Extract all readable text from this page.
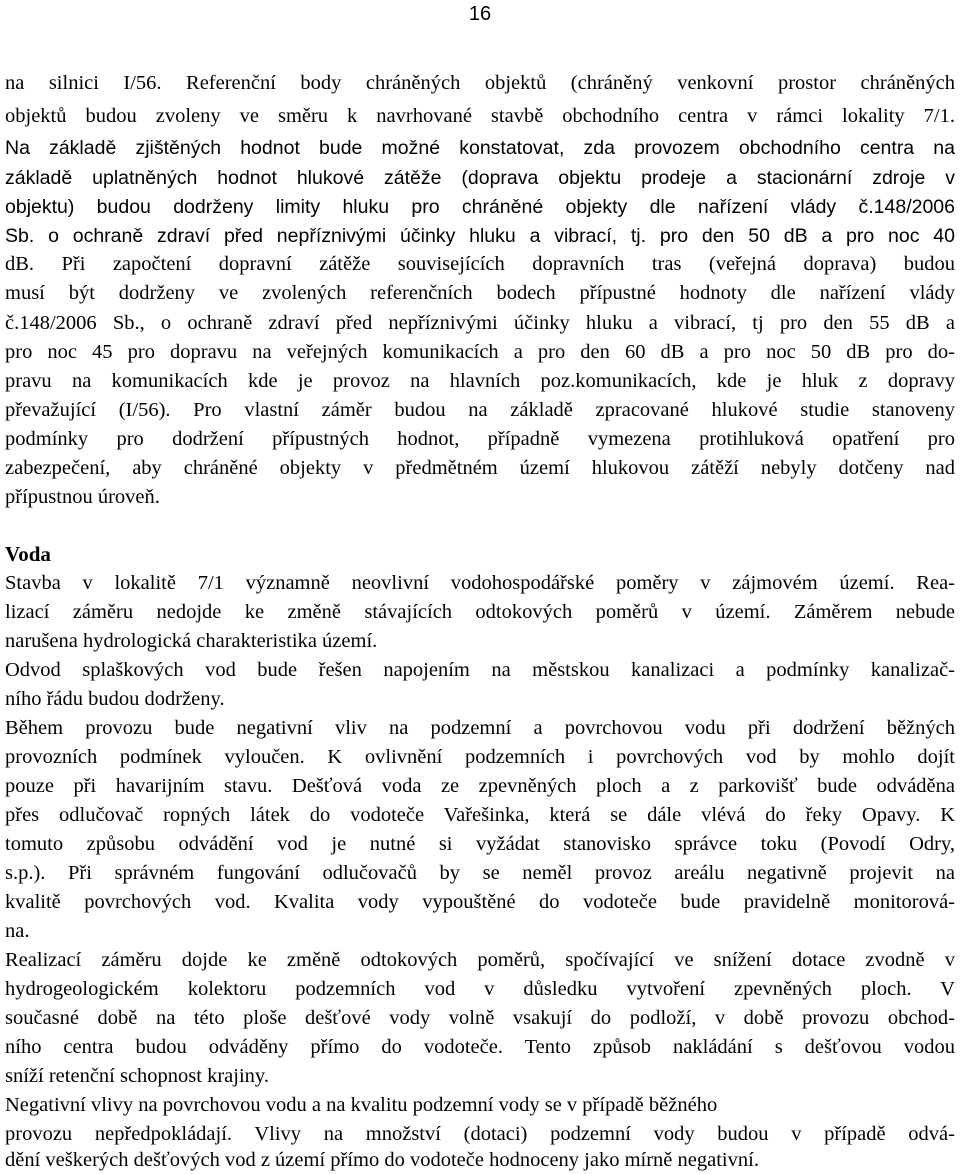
16
na silnici I/56. Referenční body chráněných objektů (chráněný venkovní prostor chráněných
objektů budou zvoleny ve směru k navrhované stavbě obchodního centra v rámci lokality 7/1.
Na základě zjištěných hodnot bude možné konstatovat, zda provozem obchodního centra na
základě uplatněných hodnot hlukové zátěže (doprava objektu prodeje a stacionární zdroje v
objektu) budou dodrženy limity hluku pro chráněné objekty dle nařízení vlády č.148/2006
Sb. o ochraně zdraví před nepříznivými účinky hluku a vibrací, tj. pro den 50 dB a pro noc 40
dB. Při započtení dopravní zátěže souvisejících dopravních tras (veřejná doprava) budou
musí být dodrženy ve zvolených referenčních bodech přípustné hodnoty dle nařízení vlády
č.148/2006 Sb., o ochraně zdraví před nepříznivými účinky hluku a vibrací, tj pro den 55 dB a
pro noc 45 pro dopravu na veřejných komunikacích a pro den 60 dB a pro noc 50 dB pro do-
pravu na komunikacích kde je provoz na hlavních poz.komunikacích, kde je hluk z dopravy
převažující (I/56). Pro vlastní záměr budou na základě zpracované hlukové studie stanoveny
podmínky pro dodržení přípustných hodnot, případně vymezena protihluková opatření pro
zabezpečení, aby chráněné objekty v předmětném území hlukovou zátěží nebyly dotčeny nad
přípustnou úroveň.
Voda
Stavba v lokalitě 7/1 významně neovlivní vodohospodářské poměry v zájmovém území. Rea-
lizací záměru nedojde ke změně stávajících odtokových poměrů v území. Záměrem nebude
narušena hydrologická charakteristika území.
Odvod splaškových vod bude řešen napojením na městskou kanalizaci a podmínky kanalizač-
ního řádu budou dodrženy.
Během provozu bude negativní vliv na podzemní a povrchovou vodu při dodržení běžných
provozních podmínek vyloučen. K ovlivnění podzemních i povrchových vod by mohlo dojít
pouze při havarijním stavu. Dešťová voda ze zpevněných ploch a z parkovišť bude odváděna
přes odlučovač ropných látek do vodoteče Vařešinka, která se dále vlévá do řeky Opavy. K
tomuto způsobu odvádění vod je nutné si vyžádat stanovisko správce toku (Povodí Odry,
s.p.). Při správném fungování odlučovačů by se neměl provoz areálu negativně projevit na
kvalitě povrchových vod. Kvalita vody vypouštěné do vodoteče bude pravidelně monitorová-
na.
Realizací záměru dojde ke změně odtokových poměrů, spočívající ve snížení dotace zvodně v
hydrogeologickém kolektoru podzemních vod v důsledku vytvoření zpevněných ploch. V
současné době na této ploše dešťové vody volně vsakují do podloží, v době provozu obchod-
ního centra budou odváděny přímo do vodoteče. Tento způsob nakládání s dešťovou vodou
sníží retenční schopnost krajiny.
Negativní vlivy na povrchovou vodu a na kvalitu podzemní vody se v případě běžného
provozu nepředpokládají. Vlivy na množství (dotaci) podzemní vody budou v případě odvá-
dění veškerých dešťových vod z území přímo do vodoteče hodnoceny jako mírně negativní.
